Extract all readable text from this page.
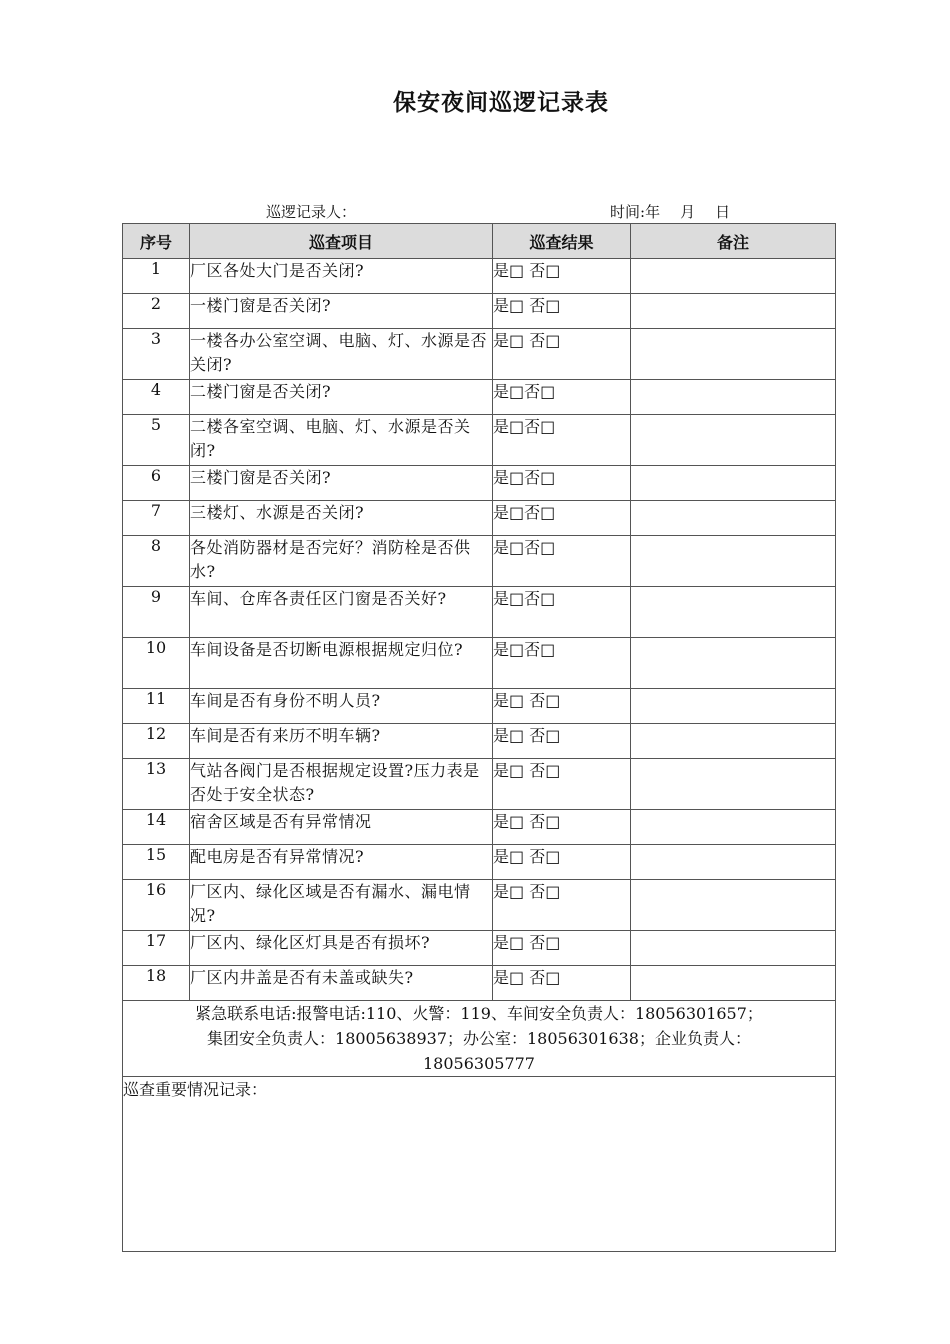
保安夜间巡逻记录表
巡逻记录人：	时间:年 月 日
序号	巡查项目	巡查结果	备注
1	厂区各处大门是否关闭?	是□ 否□	
2	一楼门窗是否关闭?	是□ 否□	
3	一楼各办公室空调、电脑、灯、水源是否关闭?	是□ 否□	
4	二楼门窗是否关闭?	是□否□	
5	二楼各室空调、电脑、灯、水源是否关闭?	是□否□	
6	三楼门窗是否关闭?	是□否□	
7	三楼灯、水源是否关闭?	是□否□	
8	各处消防器材是否完好？消防栓是否供水?	是□否□	
9	车间、仓库各责任区门窗是否关好?	是□否□	
10	车间设备是否切断电源根据规定归位?	是□否□	
11	车间是否有身份不明人员?	是□ 否□	
12	车间是否有来历不明车辆?	是□ 否□	
13	气站各阀门是否根据规定设置?压力表是否处于安全状态?	是□ 否□	
14	宿舍区域是否有异常情况	是□ 否□	
15	配电房是否有异常情况?	是□ 否□	
16	厂区内、绿化区域是否有漏水、漏电情况?	是□ 否□	
17	厂区内、绿化区灯具是否有损坏?	是□ 否□	
18	厂区内井盖是否有未盖或缺失?	是□ 否□	

紧急联系电话:报警电话:110、火警：119、车间安全负责人：18056301657；
集团安全负责人：18005638937；办公室：18056301638；企业负责人：
18056305777			

巡查重要情况记录：			
